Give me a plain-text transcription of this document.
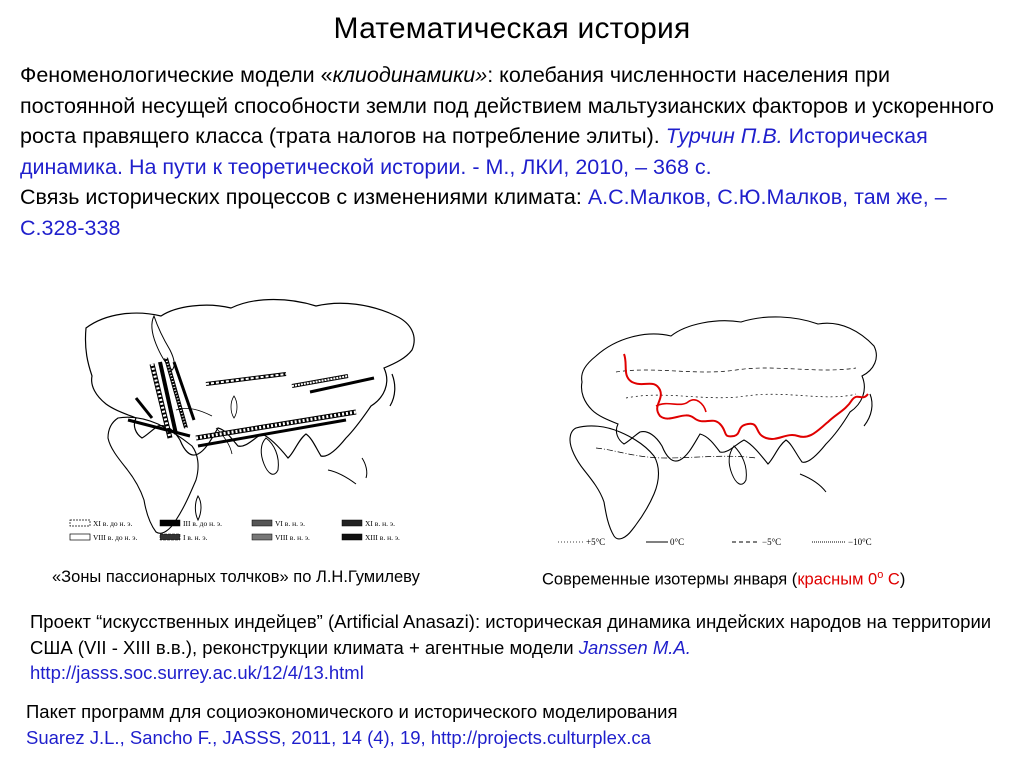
Математическая история
Феноменологические модели «клиодинамики»: колебания численности населения при постоянной несущей способности земли под действием мальтузианских факторов и ускоренного роста правящего класса (трата налогов на потребление элиты). Турчин П.В. Историческая динамика. На пути к теоретической истории. - М., ЛКИ, 2010, – 368 с.
Связь исторических процессов с изменениями климата: А.С.Малков, С.Ю.Малков, там же, – С.328-338
XI в. до н. э.	III в. до н. э.	VI в. н. э.	XI в. н. э.
VIII в. до н. э.	I в. н. э.	VIII в. н. э.	XIII в. н. э.	+5°C	0°C	−5°C	−10°C
«Зоны пассионарных толчков» по Л.Н.Гумилеву	Современные изотермы января (красным 0$^o$ С)
Проект “искусственных индейцев” (Artificial Anasazi): историческая динамика индейских народов на территории США (VII - XIII в.в.), реконструкции климата + агентные модели Janssen M.A. http://jasss.soc.surrey.ac.uk/12/4/13.html
Пакет программ для социоэкономического и исторического моделирования
Suarez J.L., Sancho F., JASSS, 2011, 14 (4), 19, http://projects.culturplex.ca
